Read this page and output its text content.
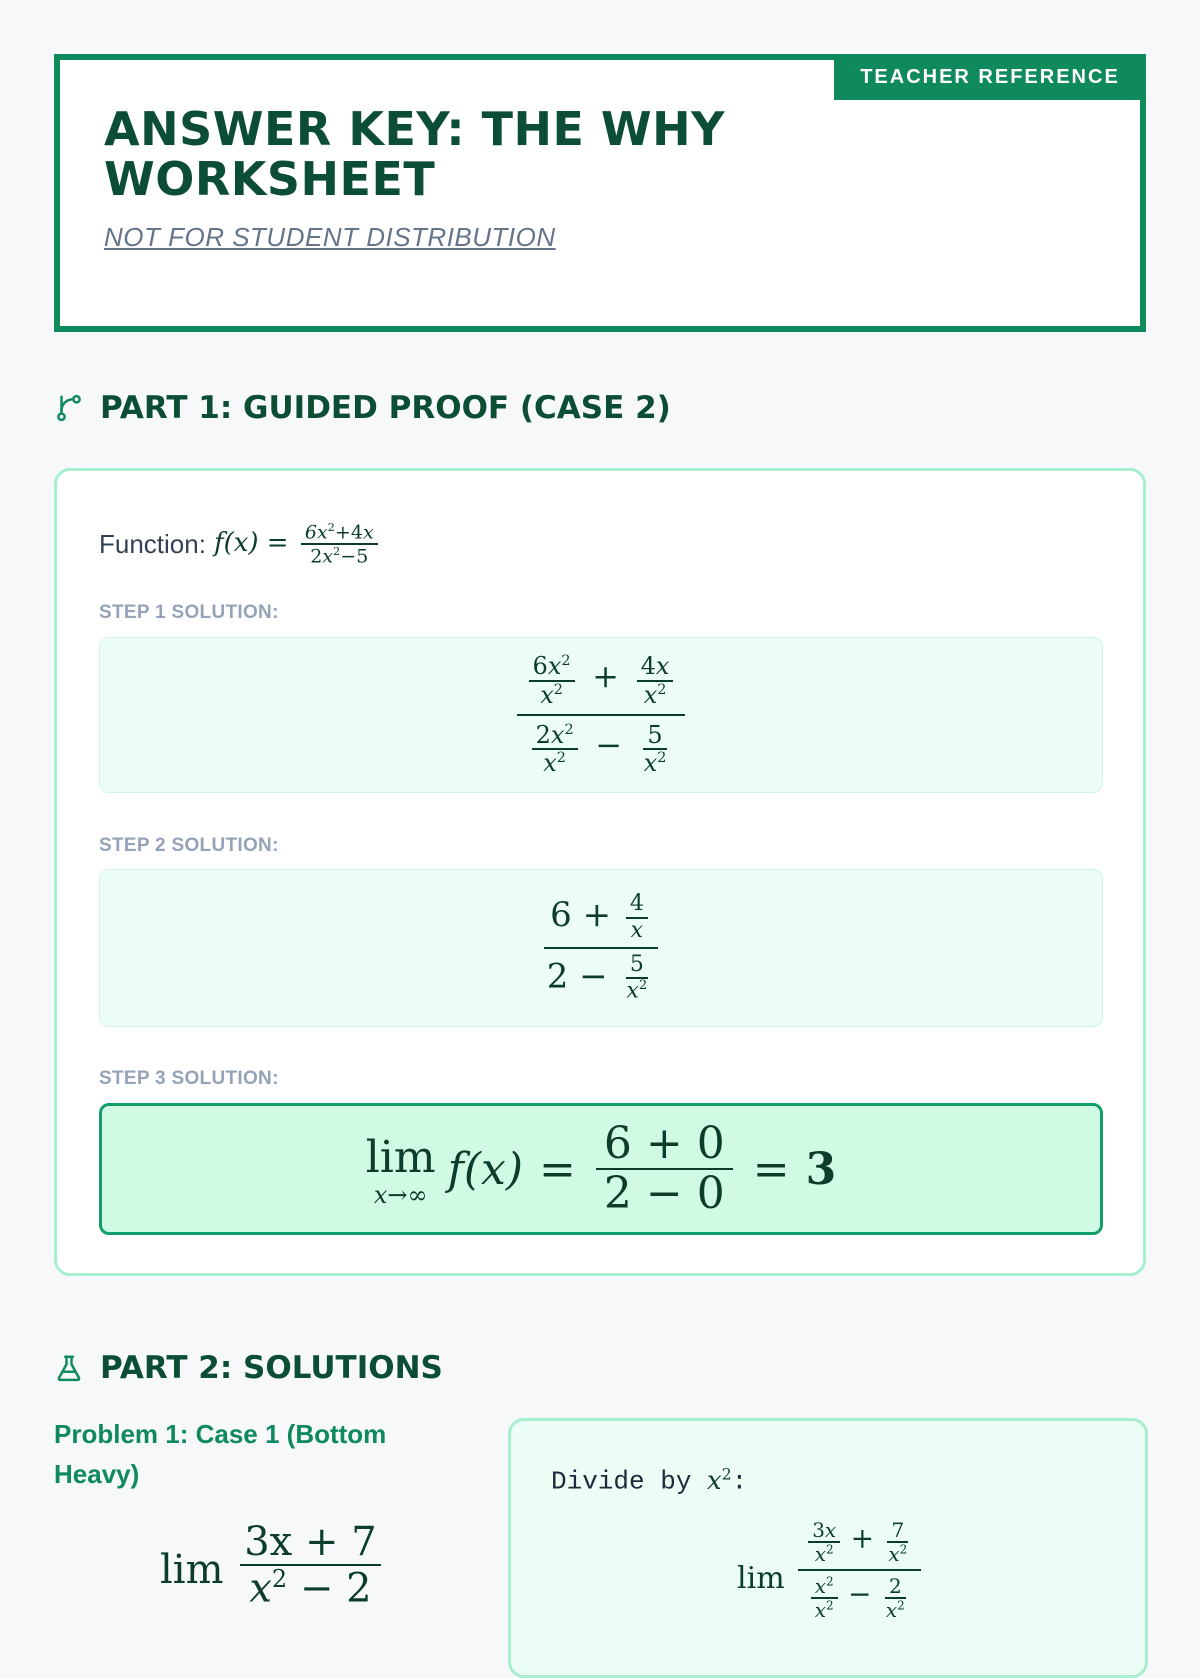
TEACHER REFERENCE
ANSWER KEY: THE WHY WORKSHEET
NOT FOR STUDENT DISTRIBUTION
PART 1: GUIDED PROOF (CASE 2)
Function: $f(x) = \frac{6x^2+4x}{2x^2-5}$
STEP 1 SOLUTION:
$\frac{\frac{6x^2}{x^2} + \frac{4x}{x^2}}{\frac{2x^2}{x^2} - \frac{5}{x^2}}$
STEP 2 SOLUTION:
$\frac{6 + \frac{4}{x}}{2 - \frac{5}{x^2}}$
STEP 3 SOLUTION:
lim
x→∞ $f(x) = \frac{6 + 0}{2 - 0} = 3$
PART 2: SOLUTIONS
Problem 1: Case 1 (Bottom Heavy)
$\lim \frac{3x + 7}{x^2 - 2}$
Divide by $x^2$:
$\lim \frac{\frac{3x}{x^2} + \frac{7}{x^2}}{\frac{x^2}{x^2} - \frac{2}{x^2}}$
